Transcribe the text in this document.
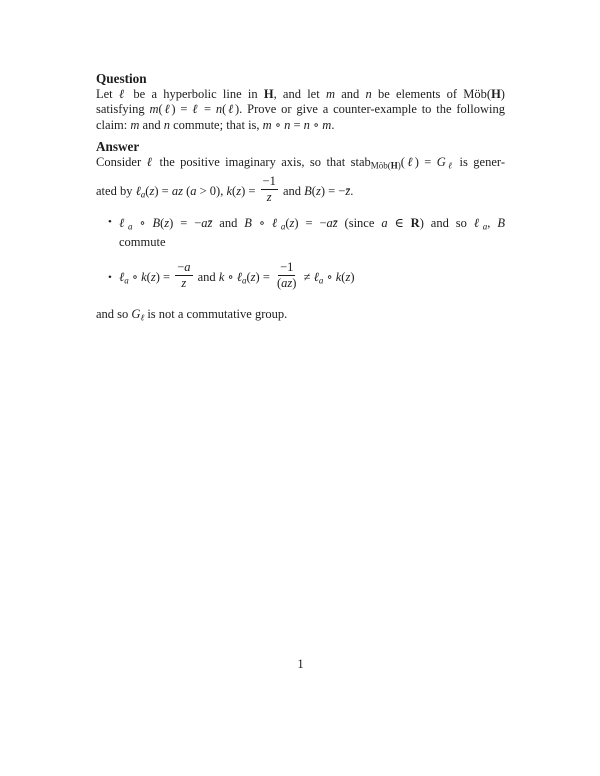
Question
Let ℓ be a hyperbolic line in H, and let m and n be elements of Möb(H)
satisfying m(ℓ) = ℓ = n(ℓ). Prove or give a counter-example to the following
claim: m and n commute; that is, m ∘ n = n ∘ m.
Answer
Consider ℓ the positive imaginary axis, so that stab$_{Möb(H)}$(ℓ) = $G_\ell$ is gener-
ated by ℓ$_a$(z) = az (a > 0), $k(z) = \frac{-1}{z}$ and B(z) = −z̄.
• ℓ$_a$ ∘ B(z) = −az̄ and B ∘ ℓ$_a$(z) = −az̄ (since a ∈ R) and so ℓ$_a$, B
commute
• ℓ$_a$ ∘ $k(z) = \frac{-a}{z}$ and k ∘ ℓ$_a$(z) = $\frac{-1}{(az)}$ ≠ ℓ$_a$ ∘ k(z)
and so $G_\ell$ is not a commutative group.
1
